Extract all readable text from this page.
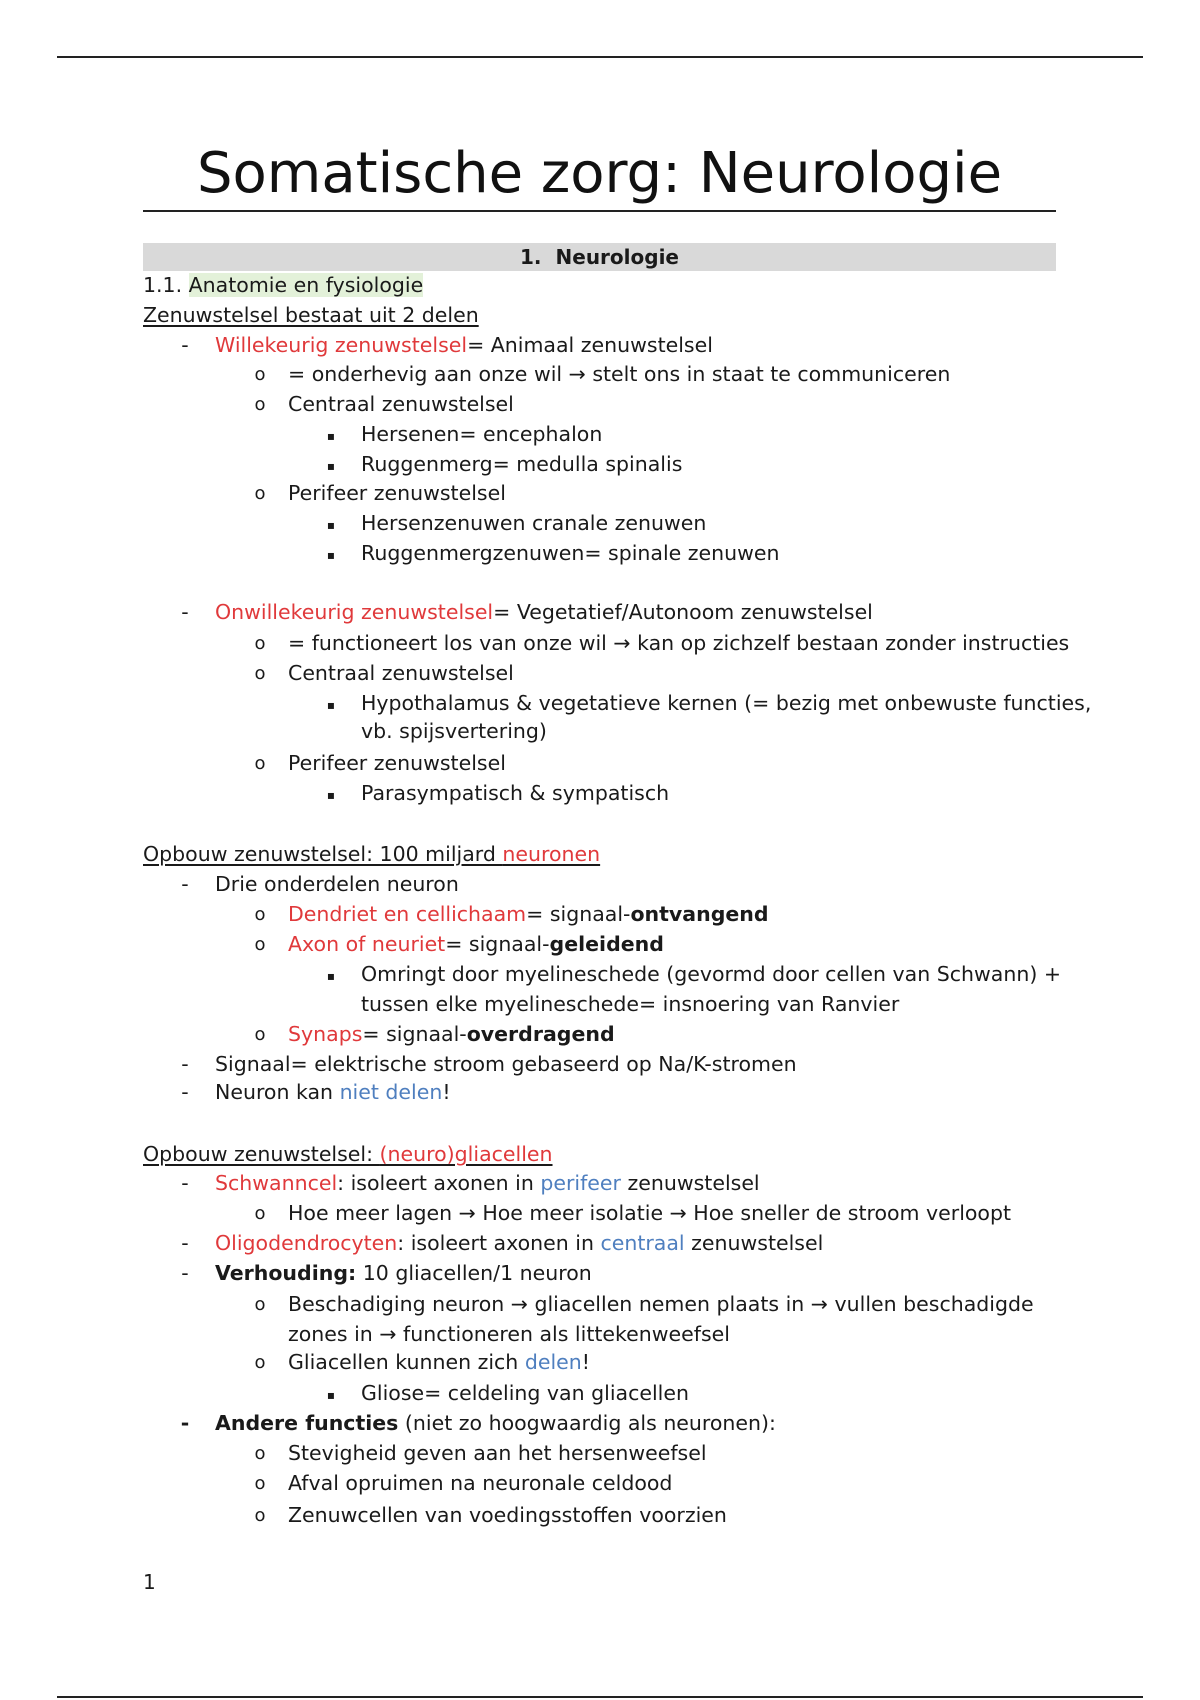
Somatische zorg: Neurologie
1. Neurologie
1.1. Anatomie en fysiologie
Zenuwstelsel bestaat uit 2 delen
- Willekeurig zenuwstelsel= Animaal zenuwstelsel
o = onderhevig aan onze wil → stelt ons in staat te communiceren
o Centraal zenuwstelsel
▪ Hersenen= encephalon
▪ Ruggenmerg= medulla spinalis
o Perifeer zenuwstelsel
▪ Hersenzenuwen cranale zenuwen
▪ Ruggenmergzenuwen= spinale zenuwen
- Onwillekeurig zenuwstelsel= Vegetatief/Autonoom zenuwstelsel
o = functioneert los van onze wil → kan op zichzelf bestaan zonder instructies
o Centraal zenuwstelsel
▪ Hypothalamus & vegetatieve kernen (= bezig met onbewuste functies,
vb. spijsvertering)
o Perifeer zenuwstelsel
▪ Parasympatisch & sympatisch
Opbouw zenuwstelsel: 100 miljard neuronen
- Drie onderdelen neuron
o Dendriet en cellichaam= signaal-ontvangend
o Axon of neuriet= signaal-geleidend
▪ Omringt door myelineschede (gevormd door cellen van Schwann) +
tussen elke myelineschede= insnoering van Ranvier
o Synaps= signaal-overdragend
- Signaal= elektrische stroom gebaseerd op Na/K-stromen
- Neuron kan niet delen!
Opbouw zenuwstelsel: (neuro)gliacellen
- Schwanncel: isoleert axonen in perifeer zenuwstelsel
o Hoe meer lagen → Hoe meer isolatie → Hoe sneller de stroom verloopt
- Oligodendrocyten: isoleert axonen in centraal zenuwstelsel
- Verhouding: 10 gliacellen/1 neuron
o Beschadiging neuron → gliacellen nemen plaats in → vullen beschadigde
zones in → functioneren als littekenweefsel
o Gliacellen kunnen zich delen!
▪ Gliose= celdeling van gliacellen
- Andere functies (niet zo hoogwaardig als neuronen):
o Stevigheid geven aan het hersenweefsel
o Afval opruimen na neuronale celdood
o Zenuwcellen van voedingsstoffen voorzien
1
